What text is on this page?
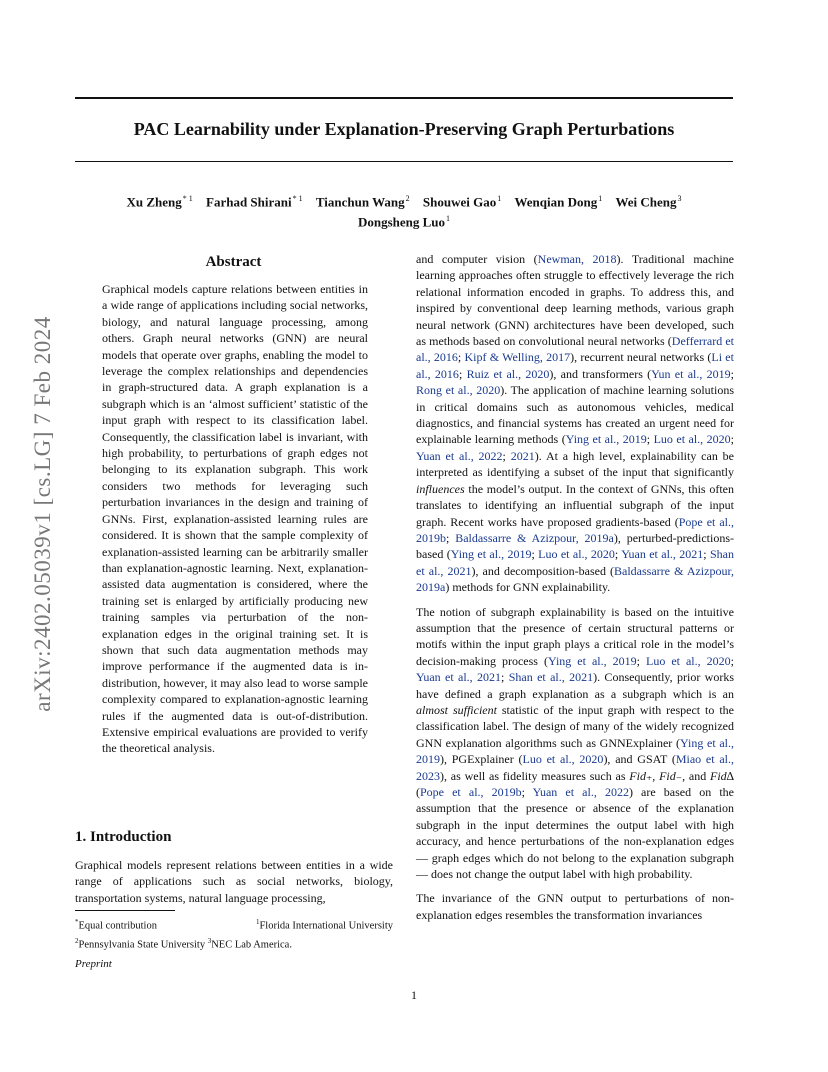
PAC Learnability under Explanation-Preserving Graph Perturbations
Xu Zheng$^{* 1}$ Farhad Shirani$^{* 1}$ Tianchun Wang$^2$ Shouwei Gao$^1$ Wenqian Dong$^1$ Wei Cheng$^3$
Dongsheng Luo$^1$
arXiv:2402.05039v1 [cs.LG] 7 Feb 2024
Abstract

Graphical models capture relations between entities in a wide range of applications including social networks, biology, and natural language processing, among others. Graph neural networks (GNN) are neural models that operate over graphs, enabling the model to leverage the complex relationships and dependencies in graph-structured data. A graph explanation is a subgraph which is an ‘almost sufficient’ statistic of the input graph with respect to its classification label. Consequently, the classification label is invariant, with high probability, to perturbations of graph edges not belonging to its explanation subgraph. This work considers two methods for leveraging such perturbation invariances in the design and training of GNNs. First, explanation-assisted learning rules are considered. It is shown that the sample complexity of explanation-assisted learning can be arbitrarily smaller than explanation-agnostic learning. Next, explanation-assisted data augmentation is considered, where the training set is enlarged by artificially producing new training samples via perturbation of the non-explanation edges in the original training set. It is shown that such data augmentation methods may improve performance if the augmented data is in-distribution, however, it may also lead to worse sample complexity compared to explanation-agnostic learning rules if the augmented data is out-of-distribution. Extensive empirical evaluations are provided to verify the theoretical analysis.

1. Introduction

Graphical models represent relations between entities in a wide range of applications such as social networks, biology, transportation systems, natural language processing,

*Equal contribution	$^1$Florida International University
$^2$Pennsylvania State University $^3$NEC Lab America.
Preprint

and computer vision (Newman, 2018). Traditional machine learning approaches often struggle to effectively leverage the rich relational information encoded in graphs. To address this, and inspired by conventional deep learning methods, various graph neural network (GNN) architectures have been developed, such as methods based on convolutional neural networks (Defferrard et al., 2016; Kipf & Welling, 2017), recurrent neural networks (Li et al., 2016; Ruiz et al., 2020), and transformers (Yun et al., 2019; Rong et al., 2020). The application of machine learning solutions in critical domains such as autonomous vehicles, medical diagnostics, and financial systems has created an urgent need for explainable learning methods (Ying et al., 2019; Luo et al., 2020; Yuan et al., 2022; 2021). At a high level, explainability can be interpreted as identifying a subset of the input that significantly influences the model’s output. In the context of GNNs, this often translates to identifying an influential subgraph of the input graph. Recent works have proposed gradients-based (Pope et al., 2019b; Baldassarre & Azizpour, 2019a), perturbed-predictions-based (Ying et al., 2019; Luo et al., 2020; Yuan et al., 2021; Shan et al., 2021), and decomposition-based (Baldassarre & Azizpour, 2019a) methods for GNN explainability.

The notion of subgraph explainability is based on the intuitive assumption that the presence of certain structural patterns or motifs within the input graph plays a critical role in the model’s decision-making process (Ying et al., 2019; Luo et al., 2020; Yuan et al., 2021; Shan et al., 2021). Consequently, prior works have defined a graph explanation as a subgraph which is an almost sufficient statistic of the input graph with respect to the classification label. The design of many of the widely recognized GNN explanation algorithms such as GNNExplainer (Ying et al., 2019), PGExplainer (Luo et al., 2020), and GSAT (Miao et al., 2023), as well as fidelity measures such as Fid₊, Fid₋, and Fid∆ (Pope et al., 2019b; Yuan et al., 2022) are based on the assumption that the presence or absence of the explanation subgraph in the input determines the output label with high accuracy, and hence perturbations of the non-explanation edges — graph edges which do not belong to the explanation subgraph — does not change the output label with high probability.

The invariance of the GNN output to perturbations of non-explanation edges resembles the transformation invariances

1
